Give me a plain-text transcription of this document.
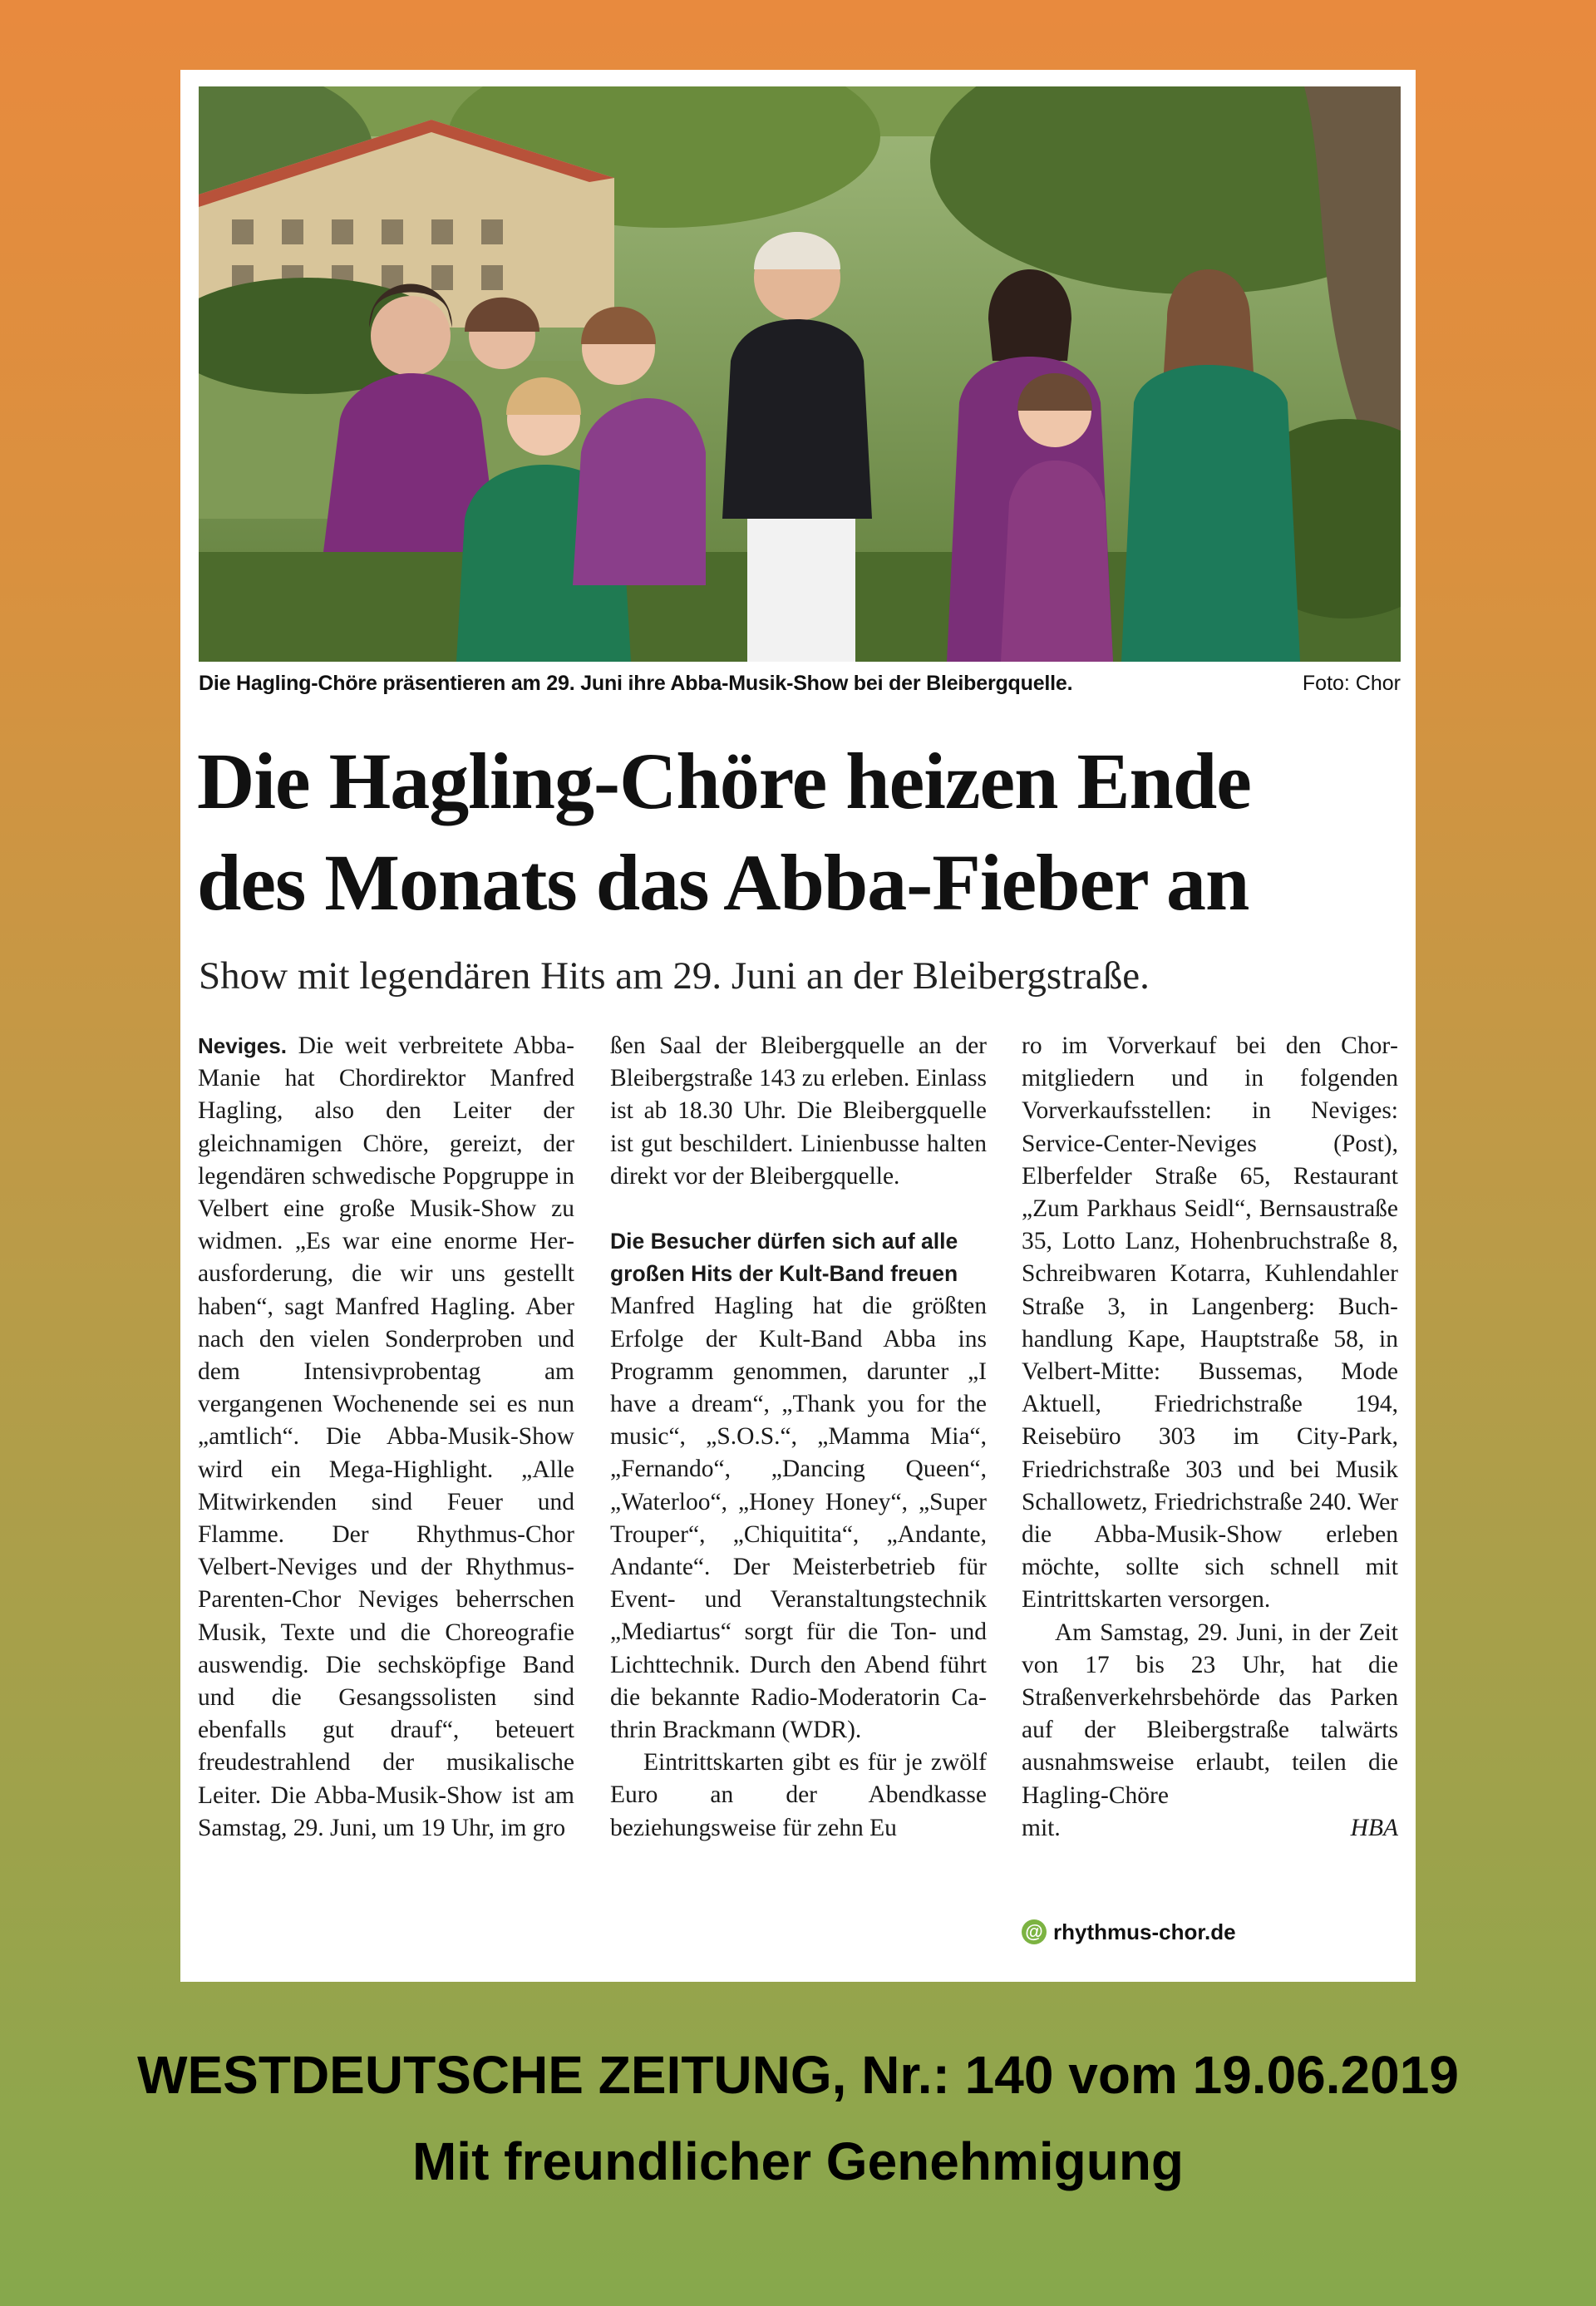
Die Hagling-Chöre präsentieren am 29. Juni ihre Abba-Musik-Show bei der Bleibergquelle.	Foto: Chor
Die Hagling-Chöre heizen Ende
des Monats das Abba-Fieber an

Show mit legendären Hits am 29. Juni an der Bleibergstraße.

Neviges. Die weit verbreitete Abba-Manie hat Chordirektor Manfred Hagling, also den Leiter der gleichnamigen Chöre, gereizt, der legendären schwedische Popgruppe in Velbert eine große Musik-Show zu widmen. „Es war eine enorme Herausforderung, die wir uns gestellt haben“, sagt Manfred Hagling. Aber nach den vielen Sonderproben und dem Intensivprobentag am vergangenen Wochenende sei es nun „amtlich“. Die Abba-Musik-Show wird ein Mega-Highlight. „Alle Mitwirkenden sind Feuer und Flamme. Der Rhythmus-Chor Velbert-Neviges und der Rhythmus-Parenten-Chor Neviges beherrschen Musik, Texte und die Choreografie auswendig. Die sechsköpfige Band und die Gesangssolisten sind ebenfalls gut drauf“, beteuert freudestrahlend der musikalische Leiter. Die Abba-Musik-Show ist am Samstag, 29. Juni, um 19 Uhr, im gro

ßen Saal der Bleibergquelle an der Bleibergstraße 143 zu erleben. Einlass ist ab 18.30 Uhr. Die Bleibergquelle ist gut beschildert. Linienbusse halten direkt vor der Bleibergquelle.

Die Besucher dürfen sich auf alle großen Hits der Kult-Band freuen

Manfred Hagling hat die größten Erfolge der Kult-Band Abba ins Programm genommen, darunter „I have a dream“, „Thank you for the music“, „S.O.S.“, „Mamma Mia“, „Fernando“, „Dancing Queen“, „Waterloo“, „Honey Honey“, „Super Trouper“, „Chiquitita“, „Andante, Andante“. Der Meisterbetrieb für Event- und Veranstaltungstechnik „Mediartus“ sorgt für die Ton- und Lichttechnik. Durch den Abend führt die bekannte Radio-Moderatorin Cathrin Brackmann (WDR).

Eintrittskarten gibt es für je zwölf Euro an der Abendkasse beziehungsweise für zehn Eu

ro im Vorverkauf bei den Chormitgliedern und in folgenden Vorverkaufsstellen: in Neviges: Service-Center-Neviges (Post), Elberfelder Straße 65, Restaurant „Zum Parkhaus Seidl“, Bernsaustraße 35, Lotto Lanz, Hohenbruchstraße 8, Schreibwaren Kotarra, Kuhlendahler Straße 3, in Langenberg: Buchhandlung Kape, Hauptstraße 58, in Velbert-Mitte: Bussemas, Mode Aktuell, Friedrichstraße 194, Reisebüro 303 im City-Park, Friedrichstraße 303 und bei Musik Schallowetz, Friedrichstraße 240. Wer die Abba-Musik-Show erleben möchte, sollte sich schnell mit Eintrittskarten versorgen.

Am Samstag, 29. Juni, in der Zeit von 17 bis 23 Uhr, hat die Straßenverkehrsbehörde das Parken auf der Bleibergstraße talwärts ausnahmsweise erlaubt, teilen die Hagling-Chöre

mit.	HBA

@ rhythmus-chor.de
WESTDEUTSCHE ZEITUNG, Nr.: 140 vom 19.06.2019
Mit freundlicher Genehmigung
